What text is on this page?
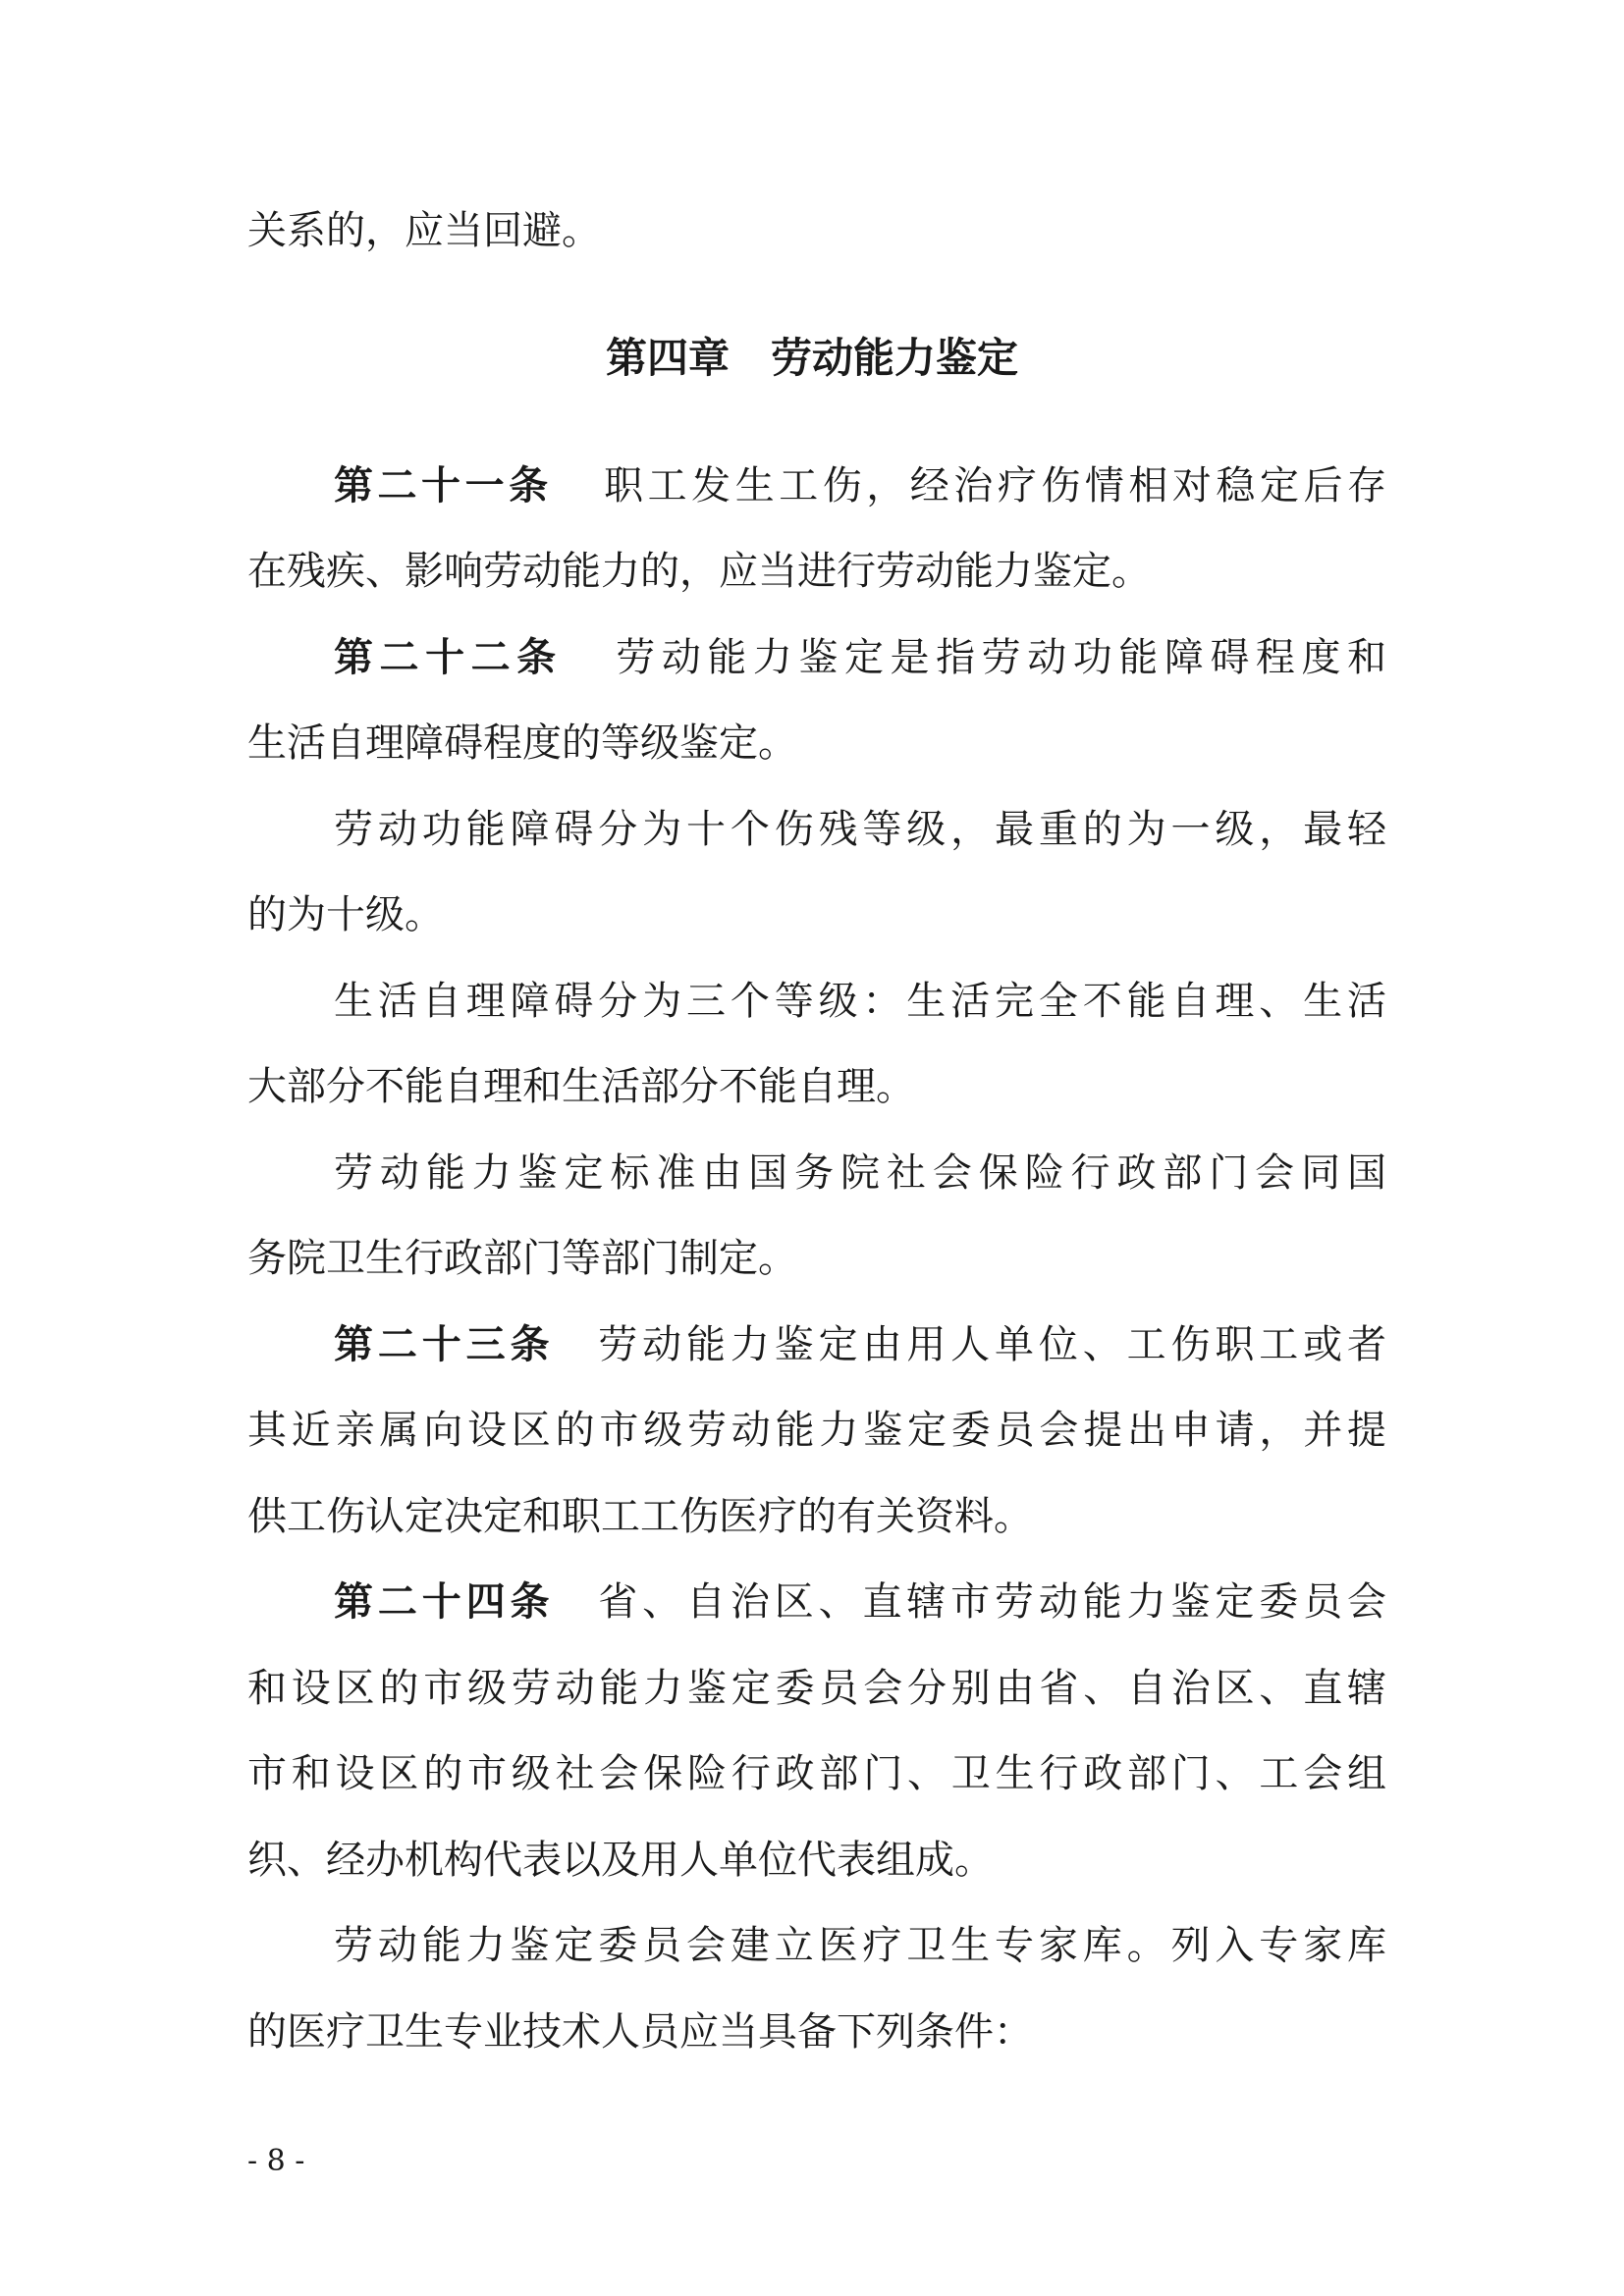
关系的，应当回避。
第四章　劳动能力鉴定
第二十一条 职工发生工伤，经治疗伤情相对稳定后存
在残疾、影响劳动能力的，应当进行劳动能力鉴定。
第二十二条 劳动能力鉴定是指劳动功能障碍程度和
生活自理障碍程度的等级鉴定。
劳动功能障碍分为十个伤残等级，最重的为一级，最轻
的为十级。
生活自理障碍分为三个等级：生活完全不能自理、生活
大部分不能自理和生活部分不能自理。
劳动能力鉴定标准由国务院社会保险行政部门会同国
务院卫生行政部门等部门制定。
第二十三条 劳动能力鉴定由用人单位、工伤职工或者
其近亲属向设区的市级劳动能力鉴定委员会提出申请，并提
供工伤认定决定和职工工伤医疗的有关资料。
第二十四条 省、自治区、直辖市劳动能力鉴定委员会
和设区的市级劳动能力鉴定委员会分别由省、自治区、直辖
市和设区的市级社会保险行政部门、卫生行政部门、工会组
织、经办机构代表以及用人单位代表组成。
劳动能力鉴定委员会建立医疗卫生专家库。列入专家库
的医疗卫生专业技术人员应当具备下列条件：
- 8 -
